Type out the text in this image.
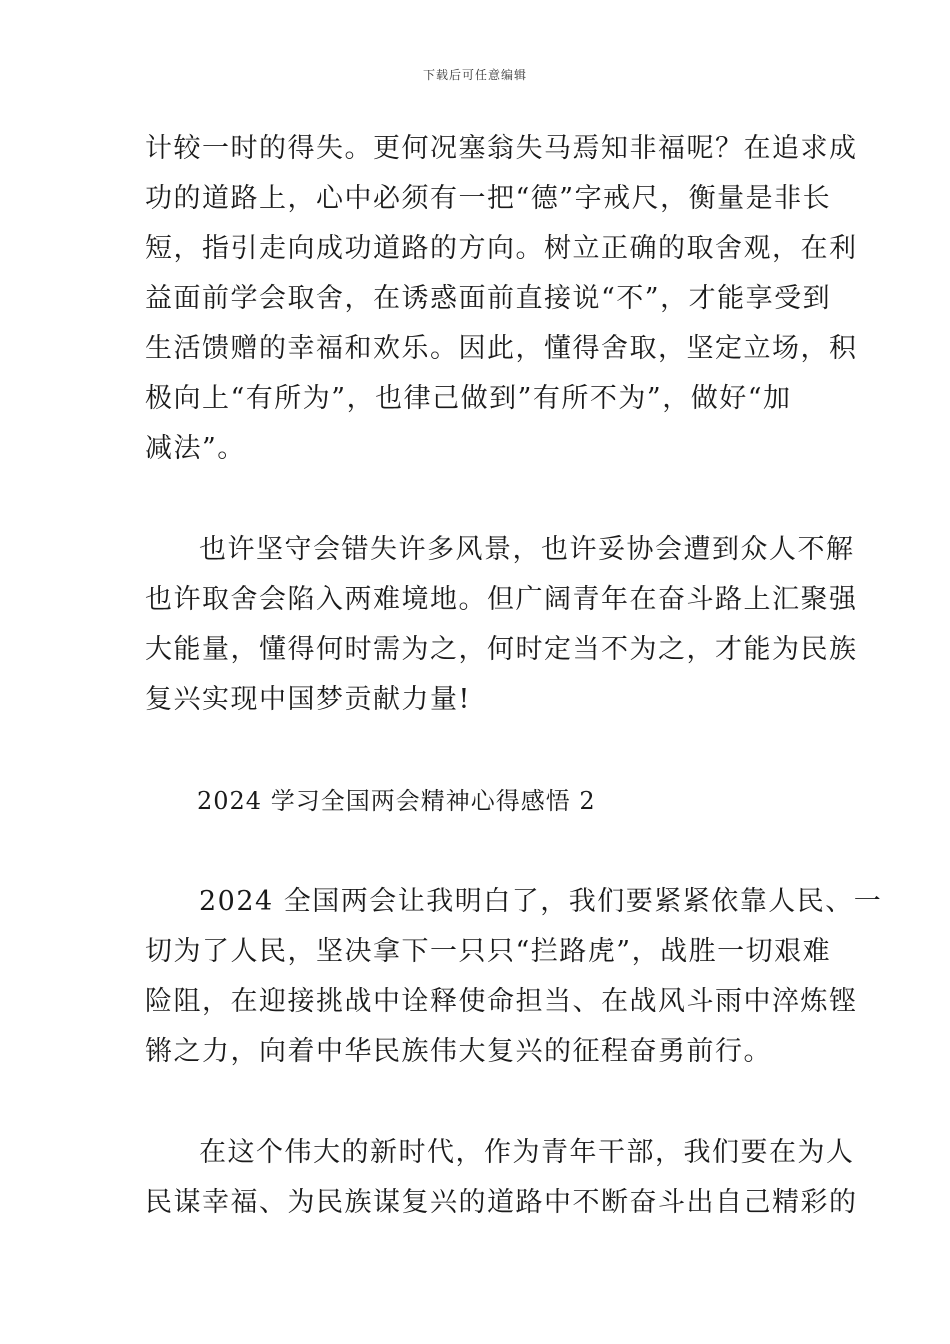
下载后可任意编辑

计较一时的得失。更何况塞翁失马焉知非福呢？在追求成
功的道路上，心中必须有一把“德”字戒尺，衡量是非长
短，指引走向成功道路的方向。树立正确的取舍观，在利
益面前学会取舍，在诱惑面前直接说“不”，才能享受到
生活馈赠的幸福和欢乐。因此，懂得舍取，坚定立场，积
极向上“有所为”，也律己做到”有所不为”，做好“加
减法”。

也许坚守会错失许多风景，也许妥协会遭到众人不解
也许取舍会陷入两难境地。但广阔青年在奋斗路上汇聚强
大能量，懂得何时需为之，何时定当不为之，才能为民族
复兴实现中国梦贡献力量!

2024 学习全国两会精神心得感悟 2

2024 全国两会让我明白了，我们要紧紧依靠人民、一
切为了人民，坚决拿下一只只“拦路虎”，战胜一切艰难
险阻，在迎接挑战中诠释使命担当、在战风斗雨中淬炼铿
锵之力，向着中华民族伟大复兴的征程奋勇前行。

在这个伟大的新时代，作为青年干部，我们要在为人
民谋幸福、为民族谋复兴的道路中不断奋斗出自己精彩的
